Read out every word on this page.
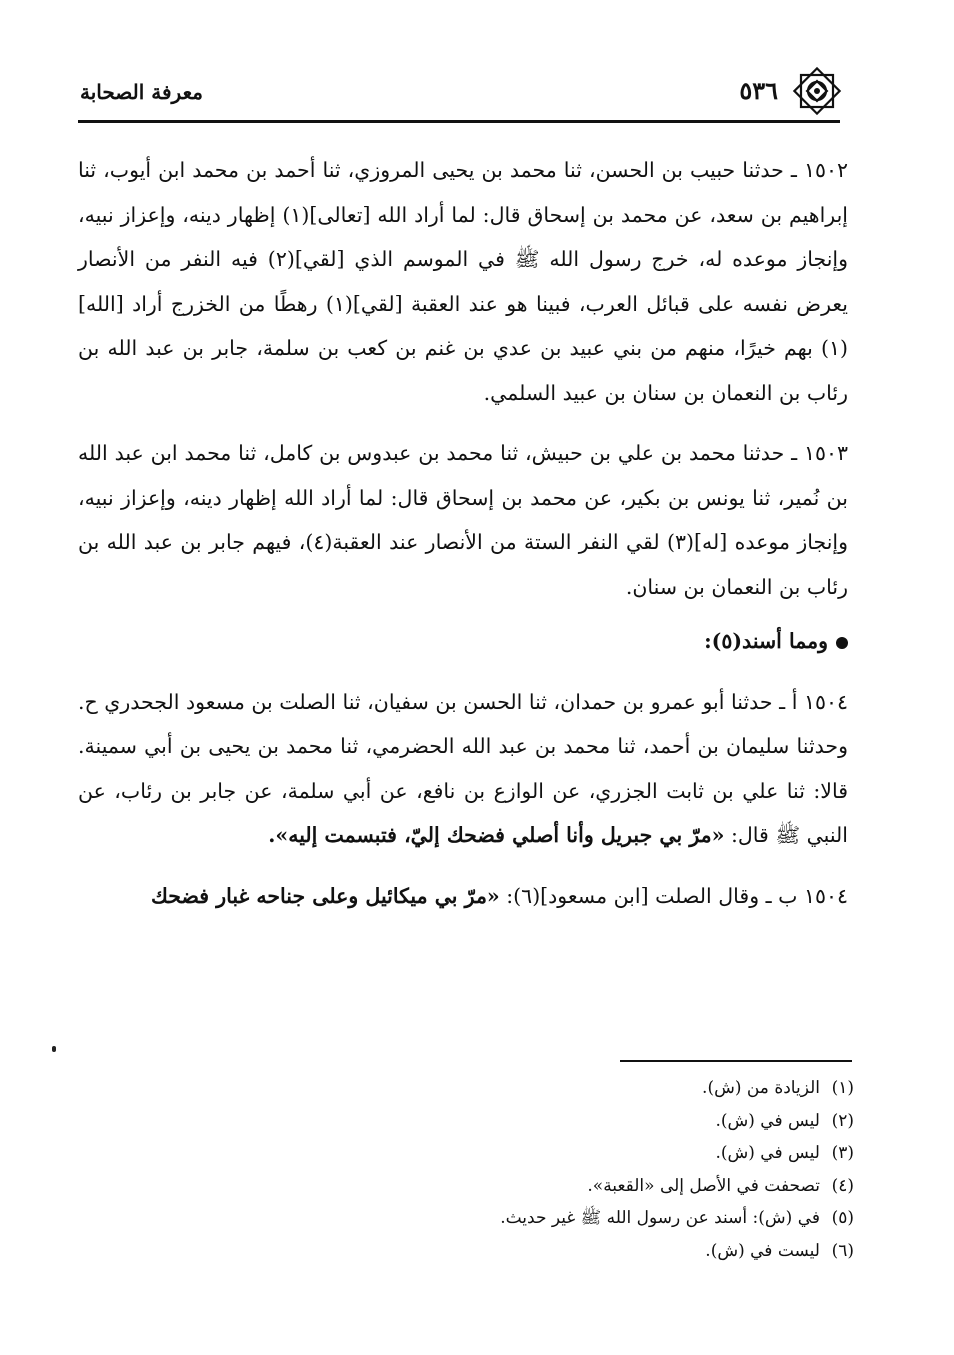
٥٣٦
معرفة الصحابة

١٥٠٢ ـ حدثنا حبيب بن الحسن، ثنا محمد بن يحيى المروزي، ثنا أحمد بن محمد ابن أيوب، ثنا إبراهيم بن سعد، عن محمد بن إسحاق قال: لما أراد الله [تعالى](١) إظهار دينه، وإعزاز نبيه، وإنجاز موعده له، خرج رسول الله ﷺ في الموسم الذي [لقي](٢) فيه النفر من الأنصار يعرض نفسه على قبائل العرب، فبينا هو عند العقبة [لقي](١) رهطًا من الخزرج أراد [الله](١) بهم خيرًا، منهم من بني عبيد بن عدي بن غنم بن كعب بن سلمة، جابر بن عبد الله بن رئاب بن النعمان بن سنان بن عبيد السلمي.

١٥٠٣ ـ حدثنا محمد بن علي بن حبيش، ثنا محمد بن عبدوس بن كامل، ثنا محمد ابن عبد الله بن نُمير، ثنا يونس بن بكير، عن محمد بن إسحاق قال: لما أراد الله إظهار دينه، وإعزاز نبيه، وإنجاز موعده [له](٣) لقي النفر الستة من الأنصار عند العقبة(٤)، فيهم جابر بن عبد الله بن رئاب بن النعمان بن سنان.

ومما أسند(٥):

١٥٠٤ أ ـ حدثنا أبو عمرو بن حمدان، ثنا الحسن بن سفيان، ثنا الصلت بن مسعود الجحدري ح. وحدثنا سليمان بن أحمد، ثنا محمد بن عبد الله الحضرمي، ثنا محمد بن يحيى بن أبي سمينة. قالا: ثنا علي بن ثابت الجزري، عن الوازع بن نافع، عن أبي سلمة، عن جابر بن رئاب، عن النبي ﷺ قال: «مرّ بي جبريل وأنا أصلي فضحك إليّ، فتبسمت إليه».

١٥٠٤ ب ـ وقال الصلت [ابن مسعود](٦): «مرّ بي ميكائيل وعلى جناحه غبار فضحك

(١)
الزيادة من (ش).
(٢)
ليس في (ش).
(٣)
ليس في (ش).
(٤)
تصحفت في الأصل إلى «القعبة».
(٥)
في (ش): أسند عن رسول الله ﷺ غير حديث.
(٦)
ليست في (ش).
